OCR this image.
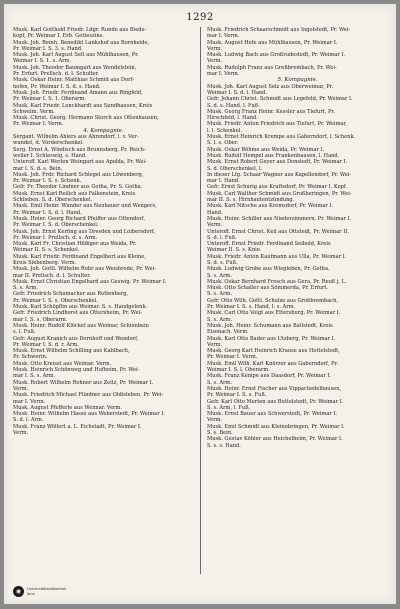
1292
Musk. Karl Gotthold Friedr. Ldgr. Runde aus Biede-
kopf, Pr. Weimar I. Erb. Gotteszins.
Musk. Joh. Reinh. Benedikt Lankshof aus Bornheide,
Pr. Weimar I. S. 3. s. Hand.
Musk. Joh. Karl August Selt aus Mühlhausen, Pr.
Weimar I. S. 1. s. Arm.
Musk. Joh. Theodor Baumgart aus Wendelstein,
Pr. Erfurt. Prellsch. d. l. Schulter.
Musk. Oskar Heinr. Matthias Schmid aus Dorf-
hofen, Pr. Weimar I. S. d. s. Hand.
Musk. Joh. Friedr. Ferdinand Amann aus Ringfeld,
Pr. Weimar I. S. 1. Oberarm.
Musk. Karl Friedr. Lenckhardt aus Sundhausen, Kreis
Schwelm. Verm.
Musk. Christ. Georg. Hermann Storch aus Ottenhausen,
Pr. Weimar I. Verm.
4. Kompagnie.
Sergant. Wilhelm Ahlers aus Ahrendorf, l. v. Ver-
wundet, d. Vorderschenkel.
Serg. Ernst A. Windisch aus Brunnsberg, Pr. Reich-
weiler I. Schleswig, s. Hand.
Unteroff. Karl Werlen Weingart aus Apolda, Pr. Wei-
mar I. S. d. s. Bein.
Musk. Joh. Frdr. Richard Schlegel aus Löwenberg,
Pr. Weimar I. S. s. Schenk.
Gefr. Fr. Theodor Lindner aus Gotha, Pr. S. Gotha.
Musk. Ernst Karl Reilich aus Falkenstein, Kreis
Schlieben. S. d. Oberschenkel.
Musk. Emil Heinr. Wunder aus Neubauer und Wengers,
Pr. Weimar I. S. d. l. Hand.
Musk. Heinr. Georg Richard Pfeiffer aus Ottendorf,
Pr. Weimar I. S. d. Oberschenkel.
Musk. Joh. Ernst Kerfing aus Dresden und Loibersdorf,
Pr. Weimar I. Prellsch. d. s. Arm.
Musk. Karl Fr. Christian Hildiger aus Weida, Pr.
Weimar II. S. s. Schenkel.
Musk. Karl Friedr. Ferdinand Engelbert aus Kleine,
Kreis Siebenberg. Verm.
Musk. Joh. Gottl. Wilhelm Rohr aus Weisbrode, Pr. Wei-
mar II. Prellsch. d. l. Schulter.
Musk. Ernst Christian Engelhard aus Geswig. Pr. Weimar I.
S. s. Arm.
Gefr. Friedrich Schumacher aus Rottenberg,
Pr. Weimar I. S. s. Oberschenkel.
Musk. Karl Schöpflin aus Weimar. S. s. Handgelenk.
Gefr. Friedrich Lindhorst aus Ottersheim, Pr. Wei-
mar I. S. s. Oberarm.
Musk. Heinr. Rudolf Klöckel aus Weimar, Schienbein
s. l. Fuß.
Gefr. August Kranich aus Dornhoff und Wendorf,
Pr. Weimar I. S. d. r. Arm.
Musk. Ernst Wilhelm Schilling aus Kahlbach,
Pr. Schwerin.
Musk. Otto Kreisel aus Weimar. Verm.
Musk. Heinrich Schönweg und Hofheim, Pr. Wei-
mar I. S. s. Arm.
Musk. Robert Wilhelm Rohner aus Zeitz, Pr. Weimar I.
Verm.
Musk. Friedrich Michael Flindner aus Oldisleben, Pr. Wei-
mar I. Verm.
Musk. August Pfefferle aus Weimar. Verm.
Musk. Heinr. Wilhelm Hasse aus Weberstedt, Pr. Weimar I.
S. d. l. Arm.
Musk. Franz Wöllert a. L. Eichstadt, Pr. Weimar I.
Verm.
Musk. Friedrich Schaarschmidt aus Ingolstedt, Pr. Wei-
mar I. Verm.
Musk. August Hefe aus Mühlhausen, Pr. Weimar I.
Verm.
Musk. Ludwig Bach aus Großrudestedt, Pr. Weimar I.
Verm.
Musk. Rudolph Franz aus Großbrembach, Pr. Wei-
mar I. Verm.
5. Kompagnie.
Musk. Joh. Karl August Selz aus Oberweimar, Pr.
Weimar I. S. d. l. Hand.
Gefr. Johann Christ. Schmidt aus Legefeld, Pr. Weimar I.
S. d. s. Hand, l. Fuß.
Musk. Georg Franz Heinr. Kessler aus Tiefurt, Pr.
Hirschfeld, l. Hand.
Musk. Friedr. Anton Friedrich aus Tiefurt, Pr. Weimar,
l. l. Schenkel.
Musk. Ernst Heinrich Krempe aus Gaberndorf, l. Schenk.
S. l. s. Ober.
Musk. Oskar Böhme aus Weida, Pr. Weimar I.
Musk. Rudolf Hempel aus Frankenhausen, l. Hand.
Musk. Ernst Robert Geyer aus Denstedt, Pr. Weimar I.
S. d. Oberschenkel, l.
In dieser Lfg. Schaar Wagner aus Kapellendorf, Pr. Wei-
mar I. Hand.
Gefr. Ernst Schurig aus Kraftsdorf, Pr. Weimar I. Kopf.
Musk. Carl Walther Schmidt aus Großheringen, Pr. Wei-
mar II. S. s. Hirnhautentzündung.
Musk. Karl Nitsche aus Kromsdorf, Pr. Weimar I.
Hand.
Musk. Heinr. Schiller aus Niederzimmern, Pr. Weimar I.
Verm.
Unteroff. Ernst Christ. Keil aus Ottstedt, Pr. Weimar II.
S. d. l. Fuß.
Unteroff. Ernst Friedr. Ferdinand Seibold, Kreis
Weimar II. S. s. Knie.
Musk. Friedr. Anton Kaufmann aus Ulla, Pr. Weimar I.
S. d. s. Fuß.
Musk. Ludwig Grube aus Wiegleben, Pr. Gotha.
S. s. Arm.
Musk. Oskar Bernhard Frosch aus Gera, Pr. Reuß j. L.
Musk. Otto Schaller aus Sömmerda, Pr. Erfurt.
S. s. Arm.
Gefr. Otto Wilh. Gottl. Schulze aus Großbrembach,
Pr. Weimar I. S. s. Hand, l. s. Arm.
Musk. Carl Otto Voigt aus Ettersburg, Pr. Weimar I.
S. s. Arm.
Musk. Joh. Heinr. Schumann aus Ballstedt, Kreis
Eisenach. Verm.
Musk. Karl Otto Bader aus Utzberg, Pr. Weimar I.
Verm.
Musk. Georg Karl Heinrich Krause aus Hottelstedt,
Pr. Weimar I. Verm.
Musk. Emil Wilh. Karl Knörzer aus Gaberndorf, Pr.
Weimar I. S. l. Oberarm.
Musk. Franz Kempe aus Daasdorf, Pr. Weimar I.
S. s. Arm.
Musk. Heinr. Ernst Fischer aus Vippachedelhausen,
Pr. Weimar I. S. s. Fuß.
Gefr. Karl Otto Merten aus Buttelstedt, Pr. Weimar I.
S. s. Arm, l. Fuß.
Musk. Ernst Bauer aus Schwerstedt, Pr. Weimar I.
Verm.
Musk. Emil Schmidt aus Kleinobringen, Pr. Weimar I.
S. s. Bein.
Musk. Gustav Köhler aus Heichelheim, Pr. Weimar I.
S. s. s. Hand.
◉	Universitätsbibliothek
Jena
